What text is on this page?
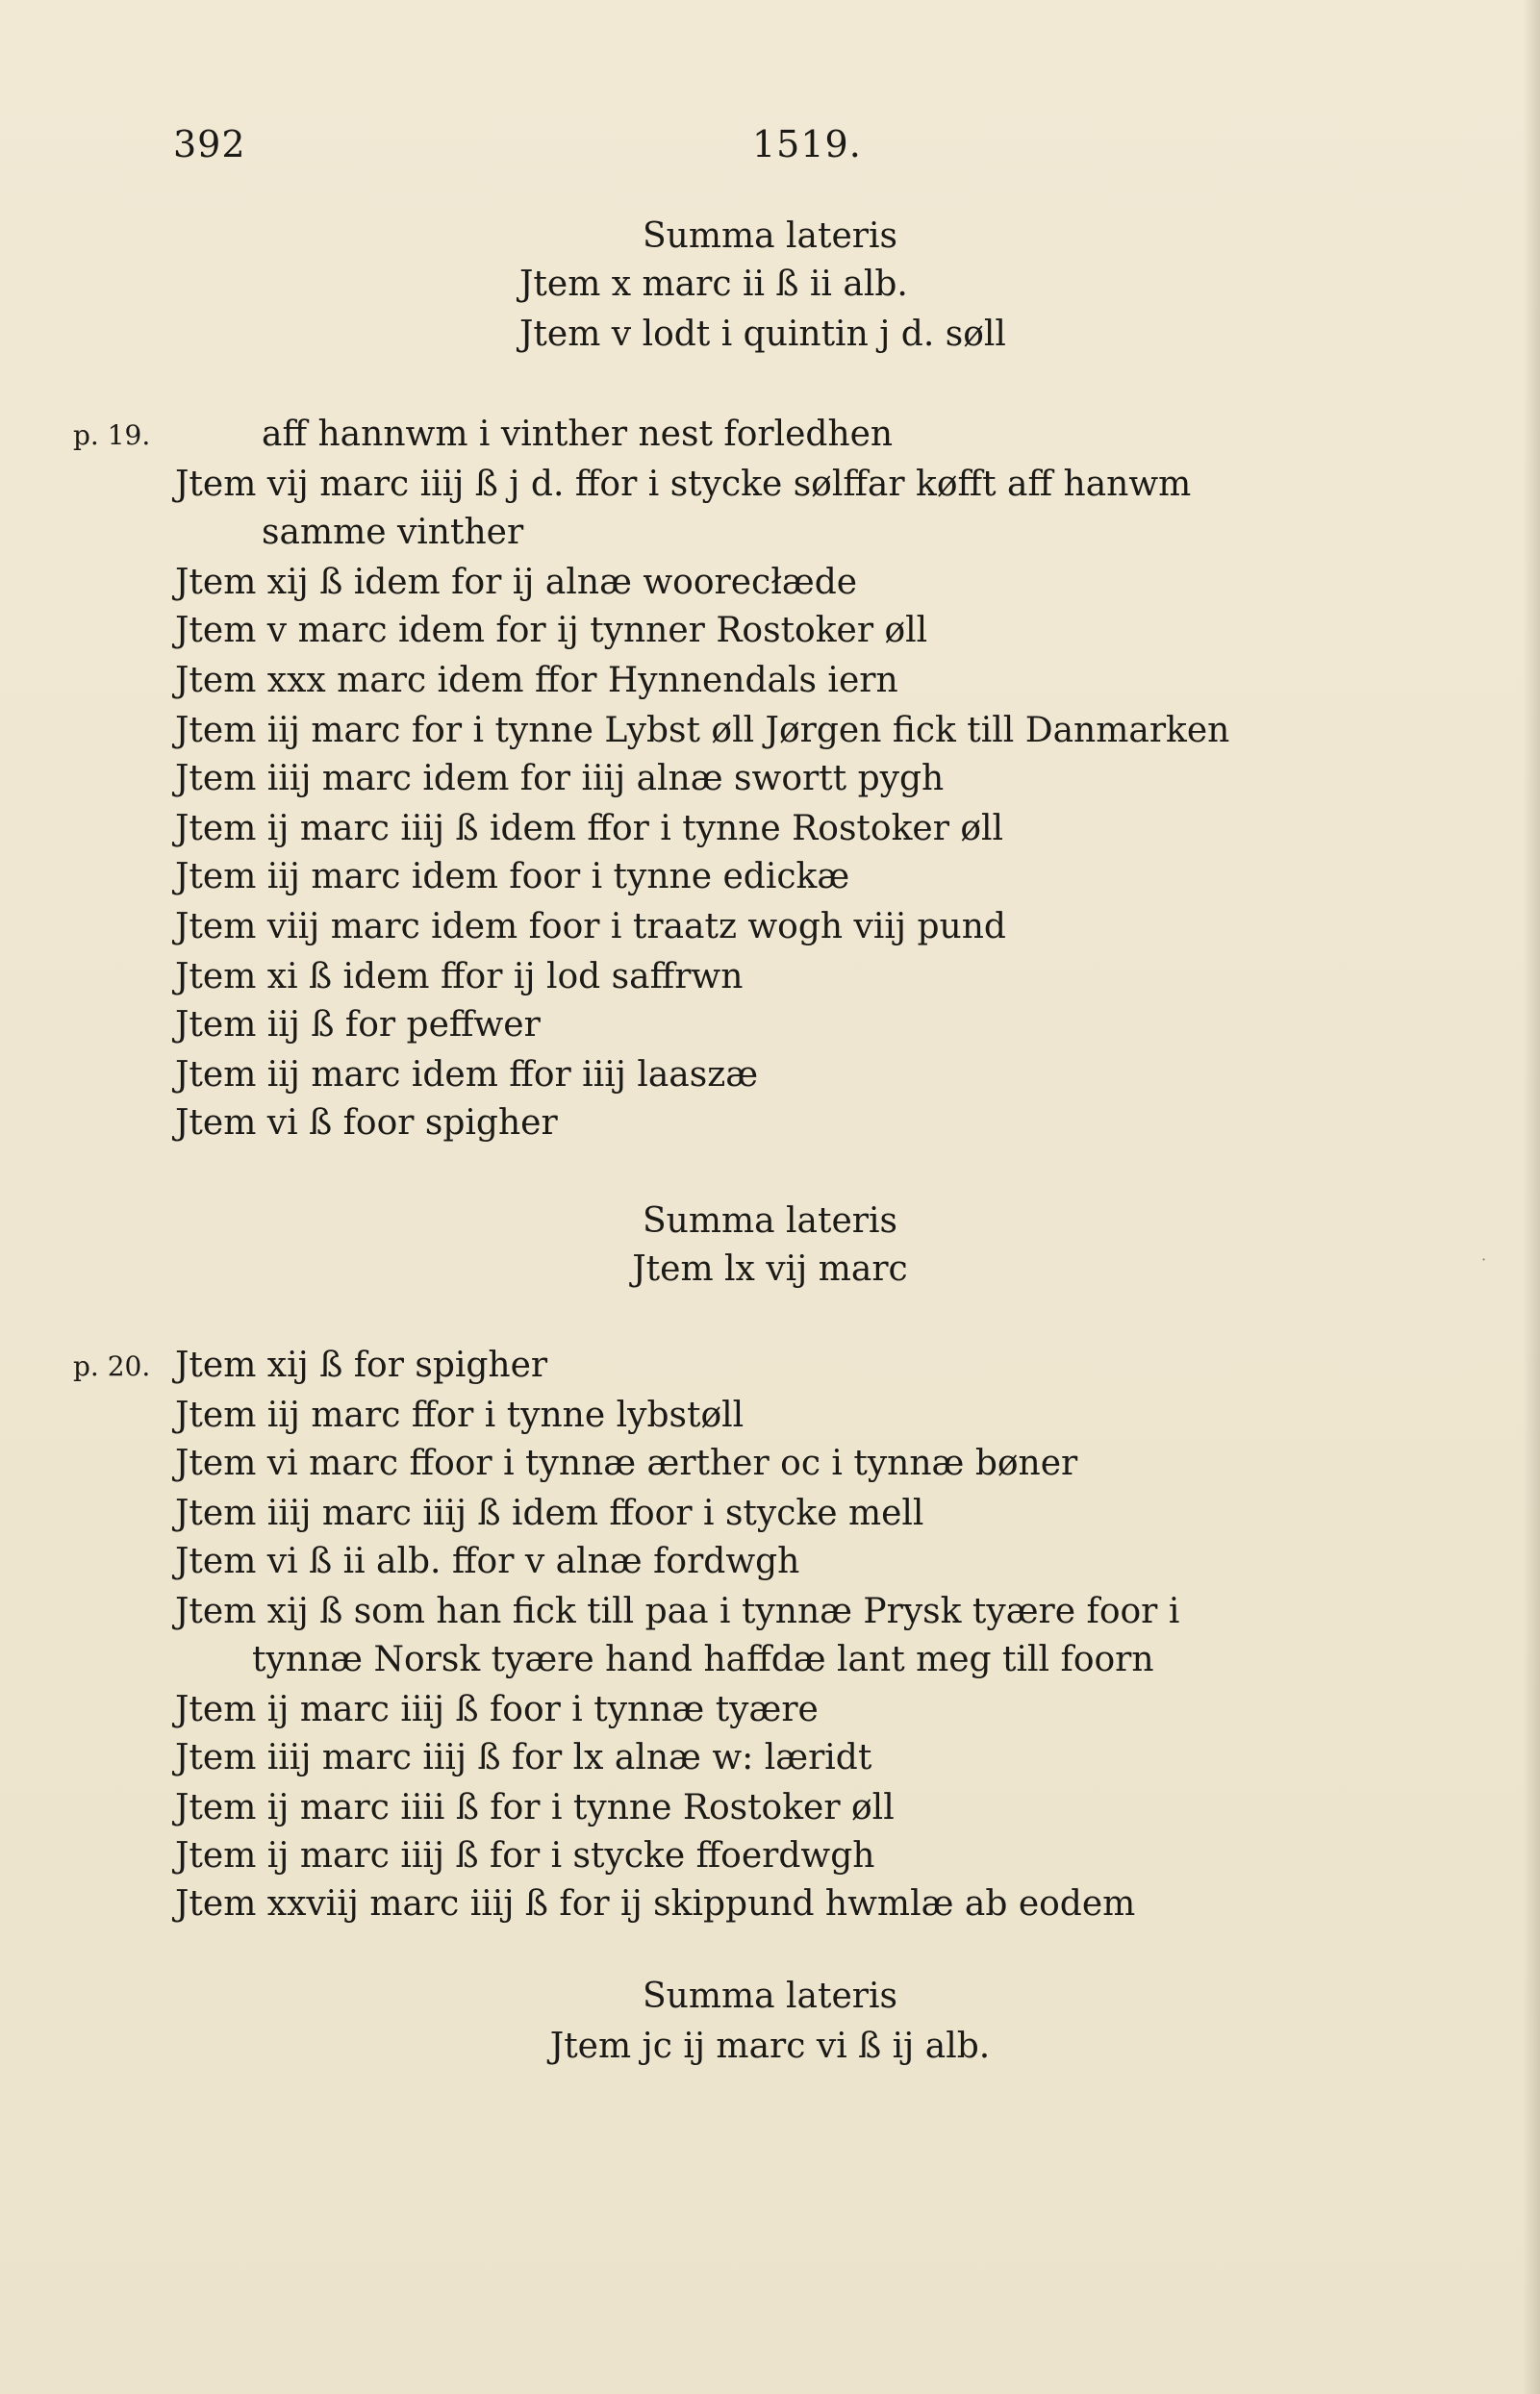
392	1519.
Summa lateris
Jtem x marc ii ß ii alb.
Jtem v lodt i quintin j d. søll
p. 19.	aff hannwm i vinther nest forledhen
Jtem vij marc iiij ß j d. ffor i stycke sølffar køfft aff hanwm
samme vinther
Jtem xij ß idem for ij alnæ woorecłæde
Jtem v marc idem for ij tynner Rostoker øll
Jtem xxx marc idem ffor Hynnendals iern
Jtem iij marc for i tynne Lybst øll Jørgen fick till Danmarken
Jtem iiij marc idem for iiij alnæ swortt pygh
Jtem ij marc iiij ß idem ffor i tynne Rostoker øll
Jtem iij marc idem foor i tynne edickæ
Jtem viij marc idem foor i traatz wogh viij pund
Jtem xi ß idem ffor ij lod saffrwn
Jtem iij ß for peffwer
Jtem iij marc idem ffor iiij laaszæ
Jtem vi ß foor spigher
Summa lateris
Jtem lx vij marc	·
p. 20. Jtem xij ß for spigher
Jtem iij marc ffor i tynne lybstøll
Jtem vi marc ffoor i tynnæ ærther oc i tynnæ bøner
Jtem iiij marc iiij ß idem ffoor i stycke mell
Jtem vi ß ii alb. ffor v alnæ fordwgh
Jtem xij ß som han fick till paa i tynnæ Prysk tyære foor i
tynnæ Norsk tyære hand haffdæ lant meg till foorn
Jtem ij marc iiij ß foor i tynnæ tyære
Jtem iiij marc iiij ß for lx alnæ w: læridt
Jtem ij marc iiii ß for i tynne Rostoker øll
Jtem ij marc iiij ß for i stycke ffoerdwgh
Jtem xxviij marc iiij ß for ij skippund hwmlæ ab eodem
Summa lateris
Jtem jc ij marc vi ß ij alb.
